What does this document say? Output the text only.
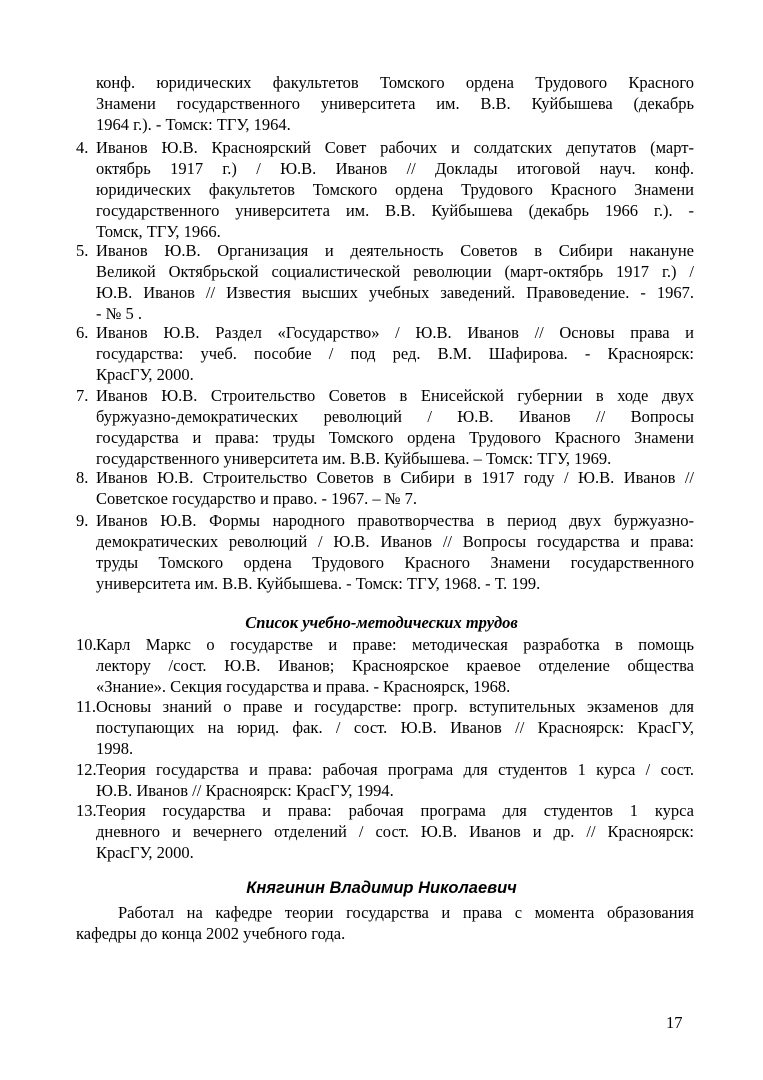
конф. юридических факультетов Томского ордена Трудового Красного
Знамени государственного университета им. В.В. Куйбышева (декабрь
1964 г.). - Томск: ТГУ, 1964.
4. Иванов Ю.В. Красноярский Совет рабочих и солдатских депутатов (март-
октябрь 1917 г.) / Ю.В. Иванов // Доклады итоговой науч. конф.
юридических факультетов Томского ордена Трудового Красного Знамени
государственного университета им. В.В. Куйбышева (декабрь 1966 г.). -
Томск, ТГУ, 1966.
5. Иванов Ю.В. Организация и деятельность Советов в Сибири накануне
Великой Октябрьской социалистической революции (март-октябрь 1917 г.) /
Ю.В. Иванов // Известия высших учебных заведений. Правоведение. - 1967.
- № 5 .
6. Иванов Ю.В. Раздел «Государство» / Ю.В. Иванов // Основы права и
государства: учеб. пособие / под ред. В.М. Шафирова. - Красноярск:
КрасГУ, 2000.
7. Иванов Ю.В. Строительство Советов в Енисейской губернии в ходе двух
буржуазно-демократических революций / Ю.В. Иванов // Вопросы
государства и права: труды Томского ордена Трудового Красного Знамени
государственного университета им. В.В. Куйбышева. – Томск: ТГУ, 1969.
8. Иванов Ю.В. Строительство Советов в Сибири в 1917 году / Ю.В. Иванов //
Советское государство и право. - 1967. – № 7.
9. Иванов Ю.В. Формы народного правотворчества в период двух буржуазно-
демократических революций / Ю.В. Иванов // Вопросы государства и права:
труды Томского ордена Трудового Красного Знамени государственного
университета им. В.В. Куйбышева. - Томск: ТГУ, 1968. - Т. 199.
Список учебно-методических трудов
10. Карл Маркс о государстве и праве: методическая разработка в помощь
лектору /сост. Ю.В. Иванов; Красноярское краевое отделение общества
«Знание». Секция государства и права. - Красноярск, 1968.
11. Основы знаний о праве и государстве: прогр. вступительных экзаменов для
поступающих на юрид. фак. / сост. Ю.В. Иванов // Красноярск: КрасГУ,
1998.
12. Теория государства и права: рабочая програма для студентов 1 курса / сост.
Ю.В. Иванов // Красноярск: КрасГУ, 1994.
13. Теория государства и права: рабочая програма для студентов 1 курса
дневного и вечернего отделений / сост. Ю.В. Иванов и др. // Красноярск:
КрасГУ, 2000.
Княгинин Владимир Николаевич
Работал на кафедре теории государства и права с момента образования
кафедры до конца 2002 учебного года.
17
